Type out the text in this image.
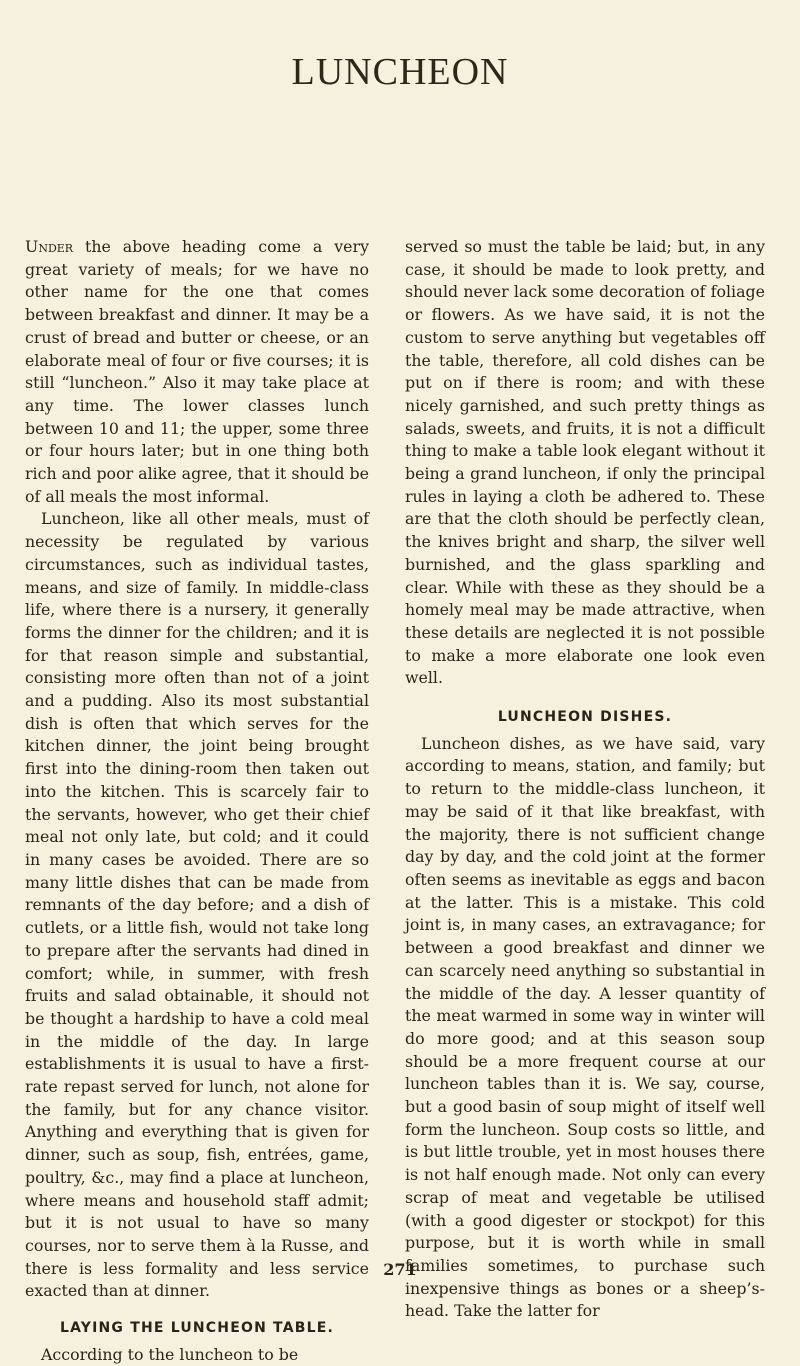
LUNCHEON

Under the above heading come a very great variety of meals; for we have no other name for the one that comes between breakfast and dinner. It may be a crust of bread and butter or cheese, or an elaborate meal of four or five courses; it is still “luncheon.” Also it may take place at any time. The lower classes lunch between 10 and 11; the upper, some three or four hours later; but in one thing both rich and poor alike agree, that it should be of all meals the most informal.

Luncheon, like all other meals, must of necessity be regulated by various circumstances, such as individual tastes, means, and size of family. In middle-class life, where there is a nursery, it generally forms the dinner for the children; and it is for that reason simple and substantial, consisting more often than not of a joint and a pudding. Also its most substantial dish is often that which serves for the kitchen dinner, the joint being brought first into the dining-room then taken out into the kitchen. This is scarcely fair to the servants, however, who get their chief meal not only late, but cold; and it could in many cases be avoided. There are so many little dishes that can be made from remnants of the day before; and a dish of cutlets, or a little fish, would not take long to prepare after the servants had dined in comfort; while, in summer, with fresh fruits and salad obtainable, it should not be thought a hardship to have a cold meal in the middle of the day. In large establishments it is usual to have a first-rate repast served for lunch, not alone for the family, but for any chance visitor. Anything and everything that is given for dinner, such as soup, fish, entrées, game, poultry, &c., may find a place at luncheon, where means and household staff admit; but it is not usual to have so many courses, nor to serve them à la Russe, and there is less formality and less service exacted than at dinner.

LAYING THE LUNCHEON TABLE.

According to the luncheon to be

served so must the table be laid; but, in any case, it should be made to look pretty, and should never lack some decoration of foliage or flowers. As we have said, it is not the custom to serve anything but vegetables off the table, therefore, all cold dishes can be put on if there is room; and with these nicely garnished, and such pretty things as salads, sweets, and fruits, it is not a difficult thing to make a table look elegant without it being a grand luncheon, if only the principal rules in laying a cloth be adhered to. These are that the cloth should be perfectly clean, the knives bright and sharp, the silver well burnished, and the glass sparkling and clear. While with these as they should be a homely meal may be made attractive, when these details are neglected it is not possible to make a more elaborate one look even well.

LUNCHEON DISHES.

Luncheon dishes, as we have said, vary according to means, station, and family; but to return to the middle-class luncheon, it may be said of it that like breakfast, with the majority, there is not sufficient change day by day, and the cold joint at the former often seems as inevitable as eggs and bacon at the latter. This is a mistake. This cold joint is, in many cases, an extravagance; for between a good breakfast and dinner we can scarcely need anything so substantial in the middle of the day. A lesser quantity of the meat warmed in some way in winter will do more good; and at this season soup should be a more frequent course at our luncheon tables than it is. We say, course, but a good basin of soup might of itself well form the luncheon. Soup costs so little, and is but little trouble, yet in most houses there is not half enough made. Not only can every scrap of meat and vegetable be utilised (with a good digester or stockpot) for this purpose, but it is worth while in small families sometimes, to purchase such inexpensive things as bones or a sheep’s-head. Take the latter for

271
